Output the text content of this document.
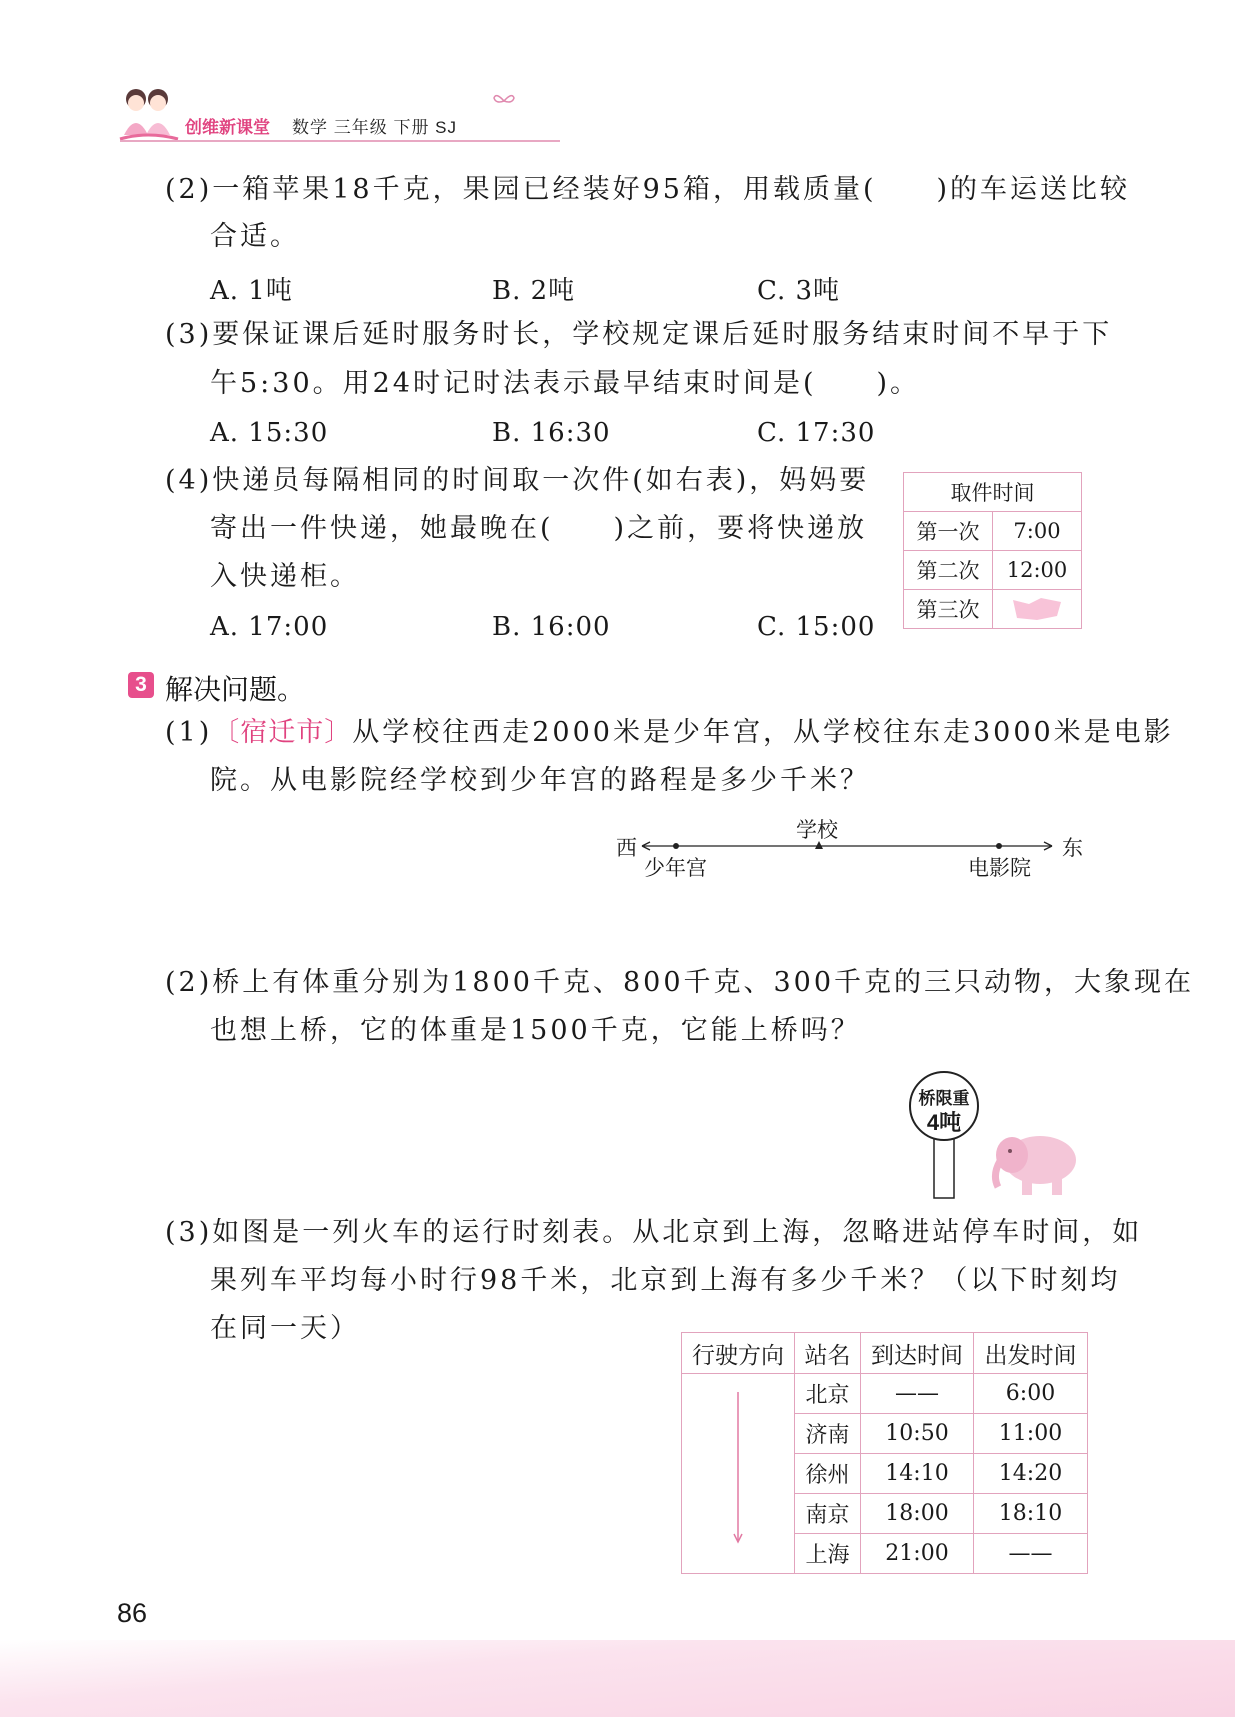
创维新课堂 数学 三年级 下册 SJ
(2)一箱苹果18千克，果园已经装好95箱，用载质量(　　)的车运送比较
合适。
A. 1吨	B. 2吨	C. 3吨
(3)要保证课后延时服务时长，学校规定课后延时服务结束时间不早于下
午5:30。用24时记时法表示最早结束时间是(　　)。
A. 15:30	B. 16:30	C. 17:30
(4)快递员每隔相同的时间取一次件(如右表)，妈妈要
寄出一件快递，她最晚在(　　)之前，要将快递放
入快递柜。
A. 17:00	B. 16:00	C. 15:00
取件时间	
第一次	7:00
第二次	12:00
第三次	
3 解决问题。
(1)〔宿迁市〕从学校往西走2000米是少年宫，从学校往东走3000米是电影
院。从电影院经学校到少年宫的路程是多少千米？
西	东
学校
少年宫	电影院
(2)桥上有体重分别为1800千克、800千克、300千克的三只动物，大象现在
也想上桥，它的体重是1500千克，它能上桥吗？
桥限重
4吨
(3)如图是一列火车的运行时刻表。从北京到上海，忽略进站停车时间，如
果列车平均每小时行98千米，北京到上海有多少千米？（以下时刻均
在同一天）
行驶方向	站名	到达时间	出发时间
	北京	——	6:00
	济南	10:50	11:00
	徐州	14:10	14:20
	南京	18:00	18:10
	上海	21:00	——
86
